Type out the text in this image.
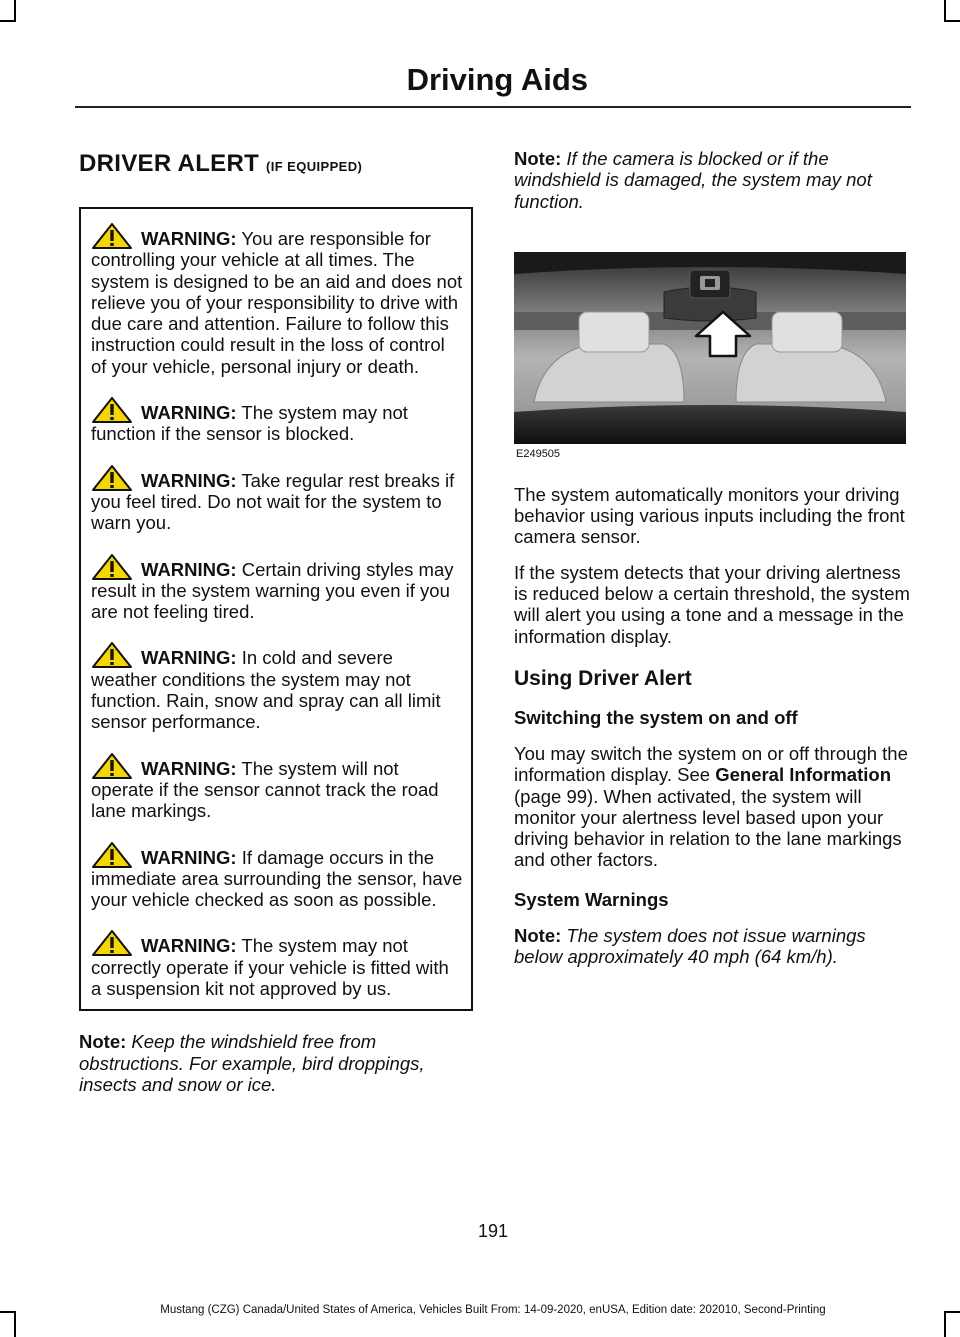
Driving Aids
DRIVER ALERT (IF EQUIPPED)

WARNING: You are responsible for controlling your vehicle at all times. The system is designed to be an aid and does not relieve you of your responsibility to drive with due care and attention. Failure to follow this instruction could result in the loss of control of your vehicle, personal injury or death.

WARNING: The system may not function if the sensor is blocked.

WARNING: Take regular rest breaks if you feel tired. Do not wait for the system to warn you.

WARNING: Certain driving styles may result in the system warning you even if you are not feeling tired.

WARNING: In cold and severe weather conditions the system may not function. Rain, snow and spray can all limit sensor performance.

WARNING: The system will not operate if the sensor cannot track the road lane markings.

WARNING: If damage occurs in the immediate area surrounding the sensor, have your vehicle checked as soon as possible.

WARNING: The system may not correctly operate if your vehicle is fitted with a suspension kit not approved by us.

Note: Keep the windshield free from obstructions. For example, bird droppings, insects and snow or ice.

Note: If the camera is blocked or if the windshield is damaged, the system may not function.

E249505

The system automatically monitors your driving behavior using various inputs including the front camera sensor.

If the system detects that your driving alertness is reduced below a certain threshold, the system will alert you using a tone and a message in the information display.

Using Driver Alert
Switching the system on and off

You may switch the system on or off through the information display. See General Information (page 99). When activated, the system will monitor your alertness level based upon your driving behavior in relation to the lane markings and other factors.

System Warnings

Note: The system does not issue warnings below approximately 40 mph (64 km/h).

191
Mustang (CZG) Canada/United States of America, Vehicles Built From: 14-09-2020, enUSA, Edition date: 202010, Second-Printing
